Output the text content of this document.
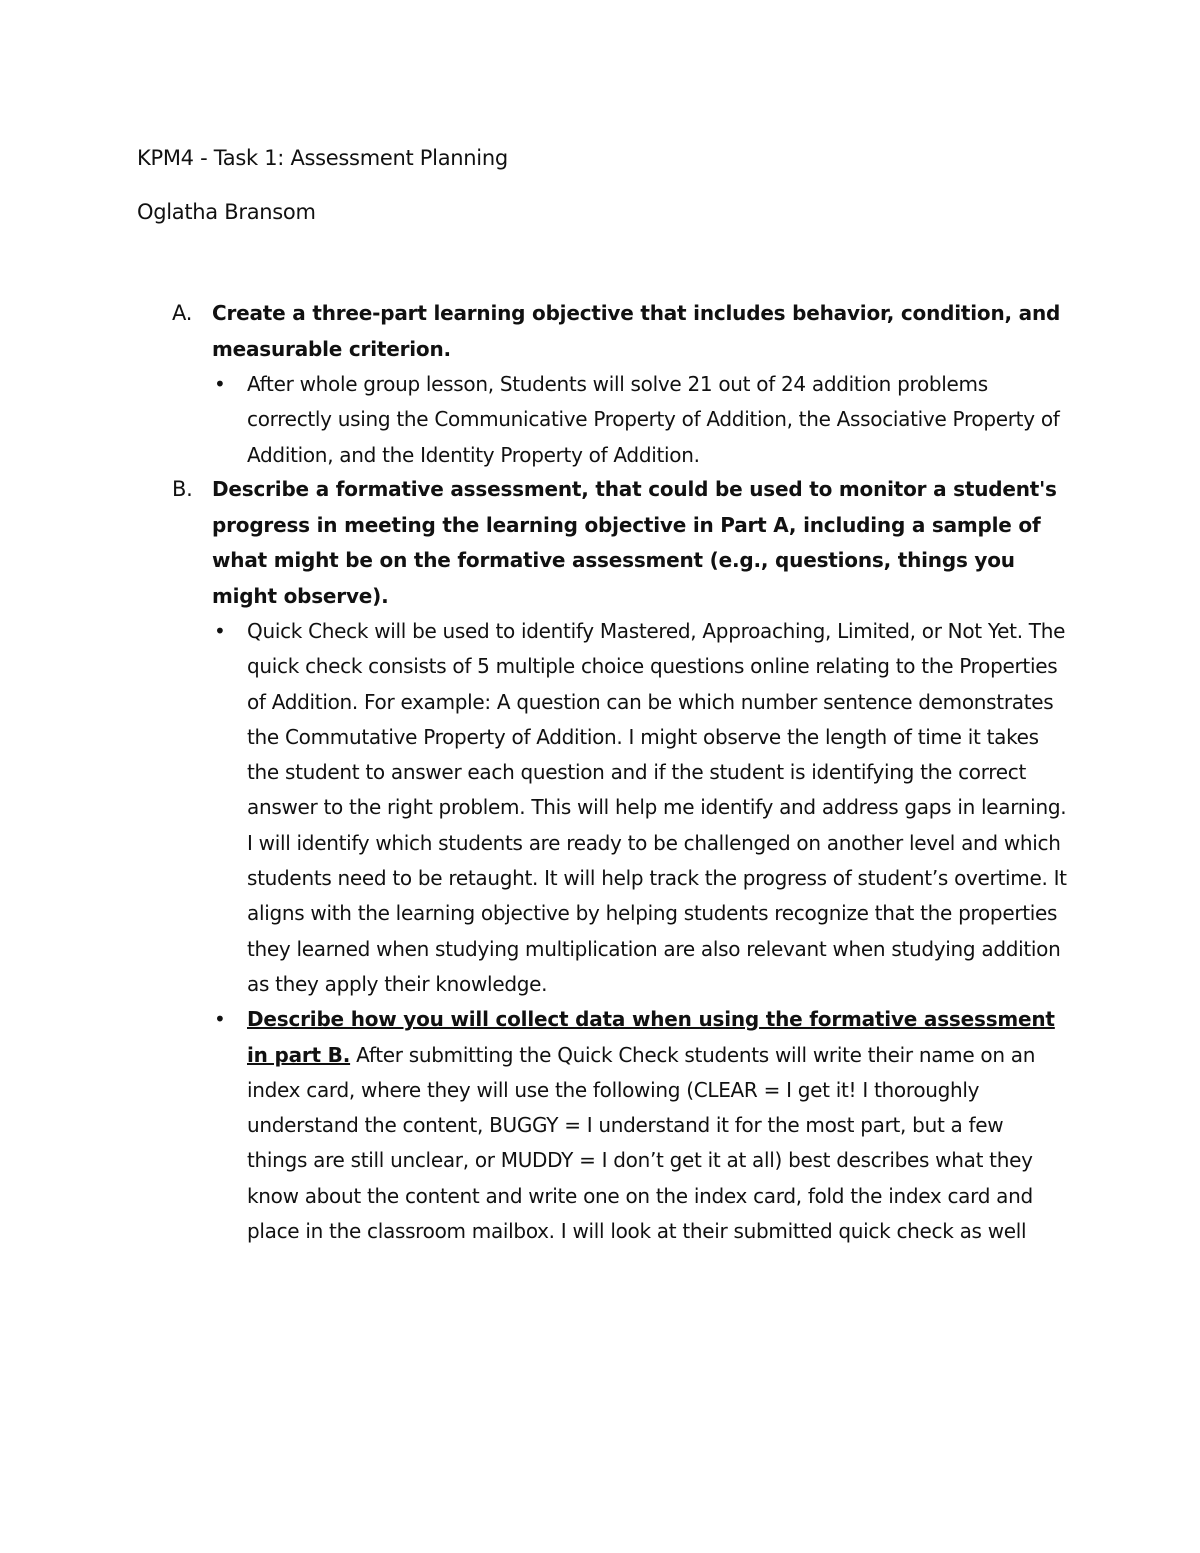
KPM4 - Task 1: Assessment Planning
Oglatha Bransom
A. Create a three-part learning objective that includes behavior, condition, and measurable criterion.
• After whole group lesson, Students will solve 21 out of 24 addition problems correctly using the Communicative Property of Addition, the Associative Property of Addition, and the Identity Property of Addition.
B. Describe a formative assessment, that could be used to monitor a student's progress in meeting the learning objective in Part A, including a sample of what might be on the formative assessment (e.g., questions, things you might observe).
• Quick Check will be used to identify Mastered, Approaching, Limited, or Not Yet. The quick check consists of 5 multiple choice questions online relating to the Properties of Addition. For example: A question can be which number sentence demonstrates the Commutative Property of Addition. I might observe the length of time it takes the student to answer each question and if the student is identifying the correct answer to the right problem. This will help me identify and address gaps in learning. I will identify which students are ready to be challenged on another level and which students need to be retaught. It will help track the progress of student’s overtime. It aligns with the learning objective by helping students recognize that the properties they learned when studying multiplication are also relevant when studying addition as they apply their knowledge.
• Describe how you will collect data when using the formative assessment in part B. After submitting the Quick Check students will write their name on an index card, where they will use the following (CLEAR = I get it! I thoroughly understand the content, BUGGY = I understand it for the most part, but a few things are still unclear, or MUDDY = I don’t get it at all) best describes what they know about the content and write one on the index card, fold the index card and place in the classroom mailbox. I will look at their submitted quick check as well
